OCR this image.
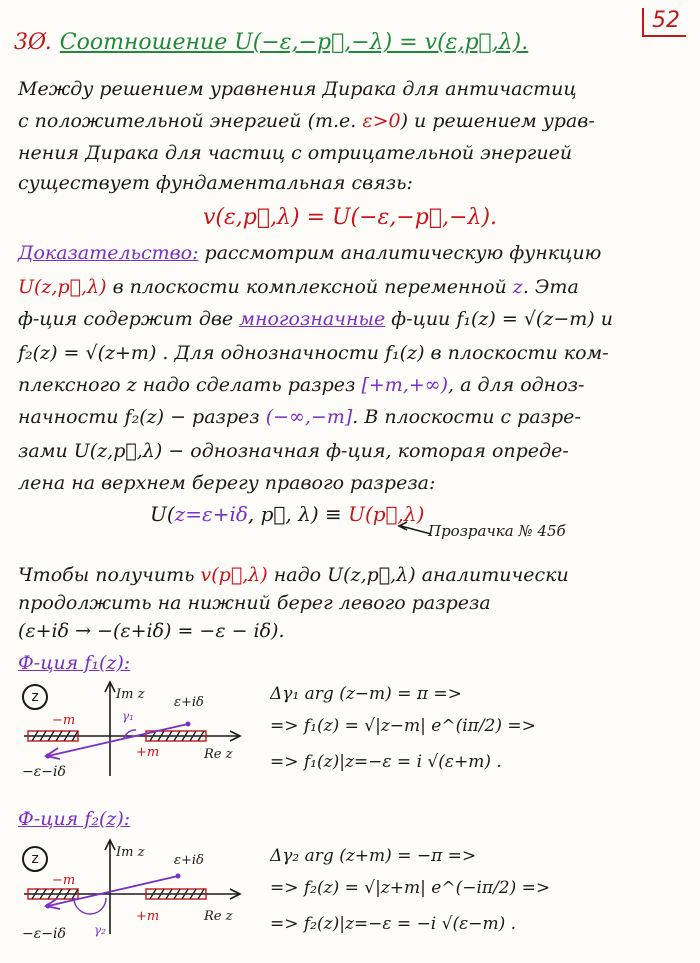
52
3Ø. Соотношение U(−ε,−p⃗,−λ) = v(ε,p⃗,λ).
Между решением уравнения Дирака для античастиц
с положительной энергией (т.е. ε>0) и решением урав-
нения Дирака для частиц с отрицательной энергией
существует фундаментальная связь:
v(ε,p⃗,λ) = U(−ε,−p⃗,−λ).
Доказательство: рассмотрим аналитическую функцию
U(z,p⃗,λ) в плоскости комплексной переменной z. Эта
ф-ция содержит две многозначные ф-ции f₁(z) = √(z−m) и
f₂(z) = √(z+m) . Для однозначности f₁(z) в плоскости ком-
плексного z надо сделать разрез [+m,+∞), а для одноз-
начности f₂(z) − разрез (−∞,−m]. В плоскости с разре-
зами U(z,p⃗,λ) − однозначная ф-ция, которая опреде-
лена на верхнем берегу правого разреза:
U(z=ε+iδ, p⃗, λ) ≡ U(p⃗,λ)
Прозрачка № 45б
Чтобы получить v(p⃗,λ) надо U(z,p⃗,λ) аналитически
продолжить на нижний берег левого разреза
(ε+iδ → −(ε+iδ) = −ε − iδ).
Ф-ция f₁(z):
z	Im z
Re z
−m
+m
γ₁
ε+iδ
−ε−iδ
Δγ₁ arg (z−m) = π =>
=> f₁(z) = √|z−m| e^(iπ/2) =>
=> f₁(z)|z=−ε = i √(ε+m) .
Ф-ция f₂(z):
z	Im z
Re z
−m
+m
γ₂
ε+iδ
−ε−iδ
Δγ₂ arg (z+m) = −π =>
=> f₂(z) = √|z+m| e^(−iπ/2) =>
=> f₂(z)|z=−ε = −i √(ε−m) .
